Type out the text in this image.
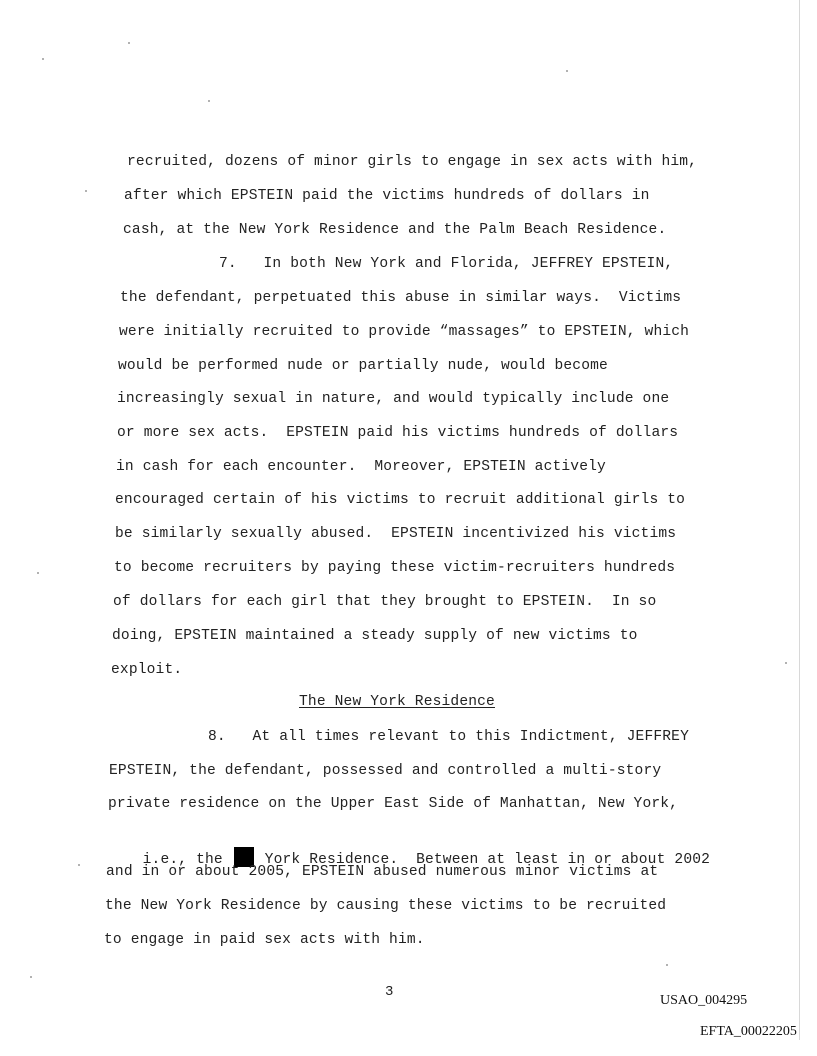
recruited, dozens of minor girls to engage in sex acts with him,
after which EPSTEIN paid the victims hundreds of dollars in
cash, at the New York Residence and the Palm Beach Residence.
7.   In both New York and Florida, JEFFREY EPSTEIN,
the defendant, perpetuated this abuse in similar ways.  Victims
were initially recruited to provide “massages” to EPSTEIN, which
would be performed nude or partially nude, would become
increasingly sexual in nature, and would typically include one
or more sex acts.  EPSTEIN paid his victims hundreds of dollars
in cash for each encounter.  Moreover, EPSTEIN actively
encouraged certain of his victims to recruit additional girls to
be similarly sexually abused.  EPSTEIN incentivized his victims
to become recruiters by paying these victim-recruiters hundreds
of dollars for each girl that they brought to EPSTEIN.  In so
doing, EPSTEIN maintained a steady supply of new victims to
exploit.
The New York Residence
8.   At all times relevant to this Indictment, JEFFREY
EPSTEIN, the defendant, possessed and controlled a multi-story
private residence on the Upper East Side of Manhattan, New York,

i.e., the	York Residence.  Between at least in or about 2002

and in or about 2005, EPSTEIN abused numerous minor victims at
the New York Residence by causing these victims to be recruited
to engage in paid sex acts with him.
3
USAO_004295
EFTA_00022205
